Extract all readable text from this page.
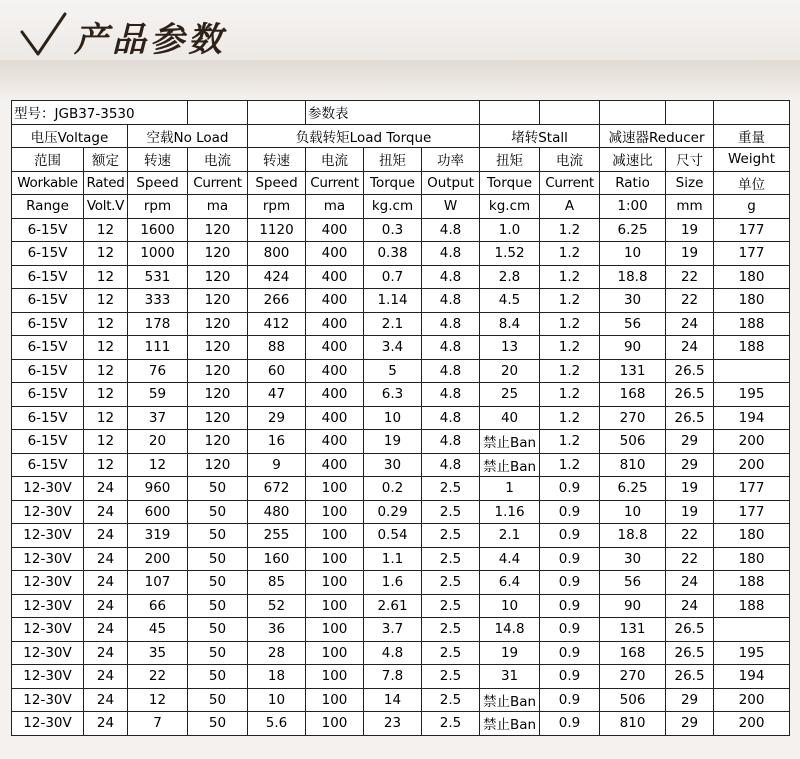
产品参数
型号：JGB37-3530					参数表							
电压Voltage		空载No Load		负载转矩Load Torque				堵转Stall		减速器Reducer		重量
范围	额定	转速	电流	转速	电流	扭矩	功率	扭矩	电流	减速比	尺寸	Weight
Workable	Rated	Speed	Current	Speed	Current	Torque	Output	Torque	Current	Ratio	Size	单位
Range	Volt.V	rpm	ma	rpm	ma	kg.cm	W	kg.cm	A	1:00	mm	g
6-15V	12	1600	120	1120	400	0.3	4.8	1.0	1.2	6.25	19	177
6-15V	12	1000	120	800	400	0.38	4.8	1.52	1.2	10	19	177
6-15V	12	531	120	424	400	0.7	4.8	2.8	1.2	18.8	22	180
6-15V	12	333	120	266	400	1.14	4.8	4.5	1.2	30	22	180
6-15V	12	178	120	412	400	2.1	4.8	8.4	1.2	56	24	188
6-15V	12	111	120	88	400	3.4	4.8	13	1.2	90	24	188
6-15V	12	76	120	60	400	5	4.8	20	1.2	131	26.5	
6-15V	12	59	120	47	400	6.3	4.8	25	1.2	168	26.5	195
6-15V	12	37	120	29	400	10	4.8	40	1.2	270	26.5	194
6-15V	12	20	120	16	400	19	4.8	禁止Ban	1.2	506	29	200
6-15V	12	12	120	9	400	30	4.8	禁止Ban	1.2	810	29	200
12-30V	24	960	50	672	100	0.2	2.5	1	0.9	6.25	19	177
12-30V	24	600	50	480	100	0.29	2.5	1.16	0.9	10	19	177
12-30V	24	319	50	255	100	0.54	2.5	2.1	0.9	18.8	22	180
12-30V	24	200	50	160	100	1.1	2.5	4.4	0.9	30	22	180
12-30V	24	107	50	85	100	1.6	2.5	6.4	0.9	56	24	188
12-30V	24	66	50	52	100	2.61	2.5	10	0.9	90	24	188
12-30V	24	45	50	36	100	3.7	2.5	14.8	0.9	131	26.5	
12-30V	24	35	50	28	100	4.8	2.5	19	0.9	168	26.5	195
12-30V	24	22	50	18	100	7.8	2.5	31	0.9	270	26.5	194
12-30V	24	12	50	10	100	14	2.5	禁止Ban	0.9	506	29	200
12-30V	24	7	50	5.6	100	23	2.5	禁止Ban	0.9	810	29	200
